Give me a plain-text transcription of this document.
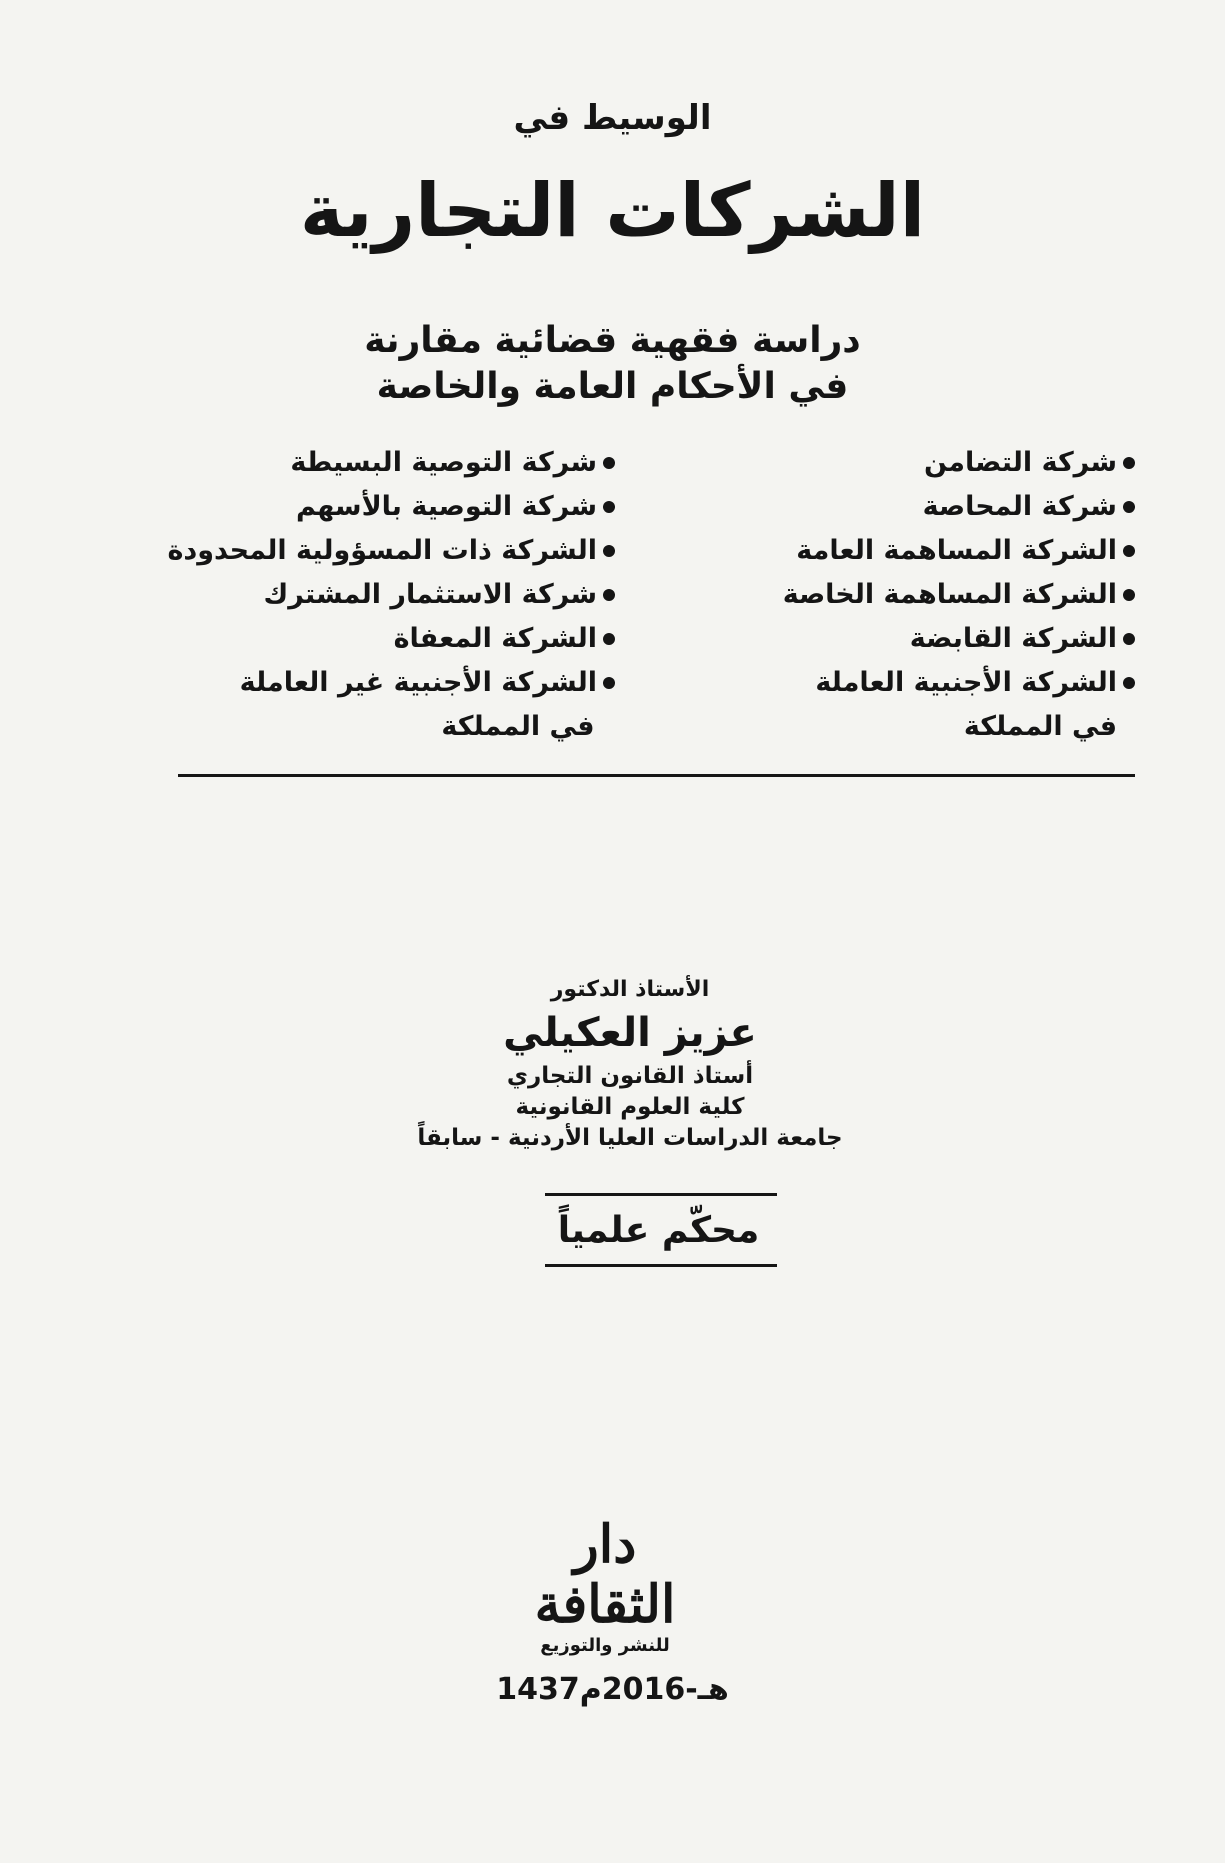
الوسيط في
الشركات التجارية
دراسة فقهية قضائية مقارنة
في الأحكام العامة والخاصة
شركة التضامن
شركة التوصية البسيطة
شركة المحاصة
شركة التوصية بالأسهم
الشركة المساهمة العامة
الشركة ذات المسؤولية المحدودة
الشركة المساهمة الخاصة
شركة الاستثمار المشترك
الشركة القابضة
الشركة المعفاة
الشركة الأجنبية العاملة
الشركة الأجنبية غير العاملة
في المملكة
في المملكة
الأستاذ الدكتور
عزيز العكيلي
أستاذ القانون التجاري
كلية العلوم القانونية
جامعة الدراسات العليا الأردنية - سابقاً
محكّم علمياً
دار الثقافة
للنشر والتوزيع
1437هـ-2016م
